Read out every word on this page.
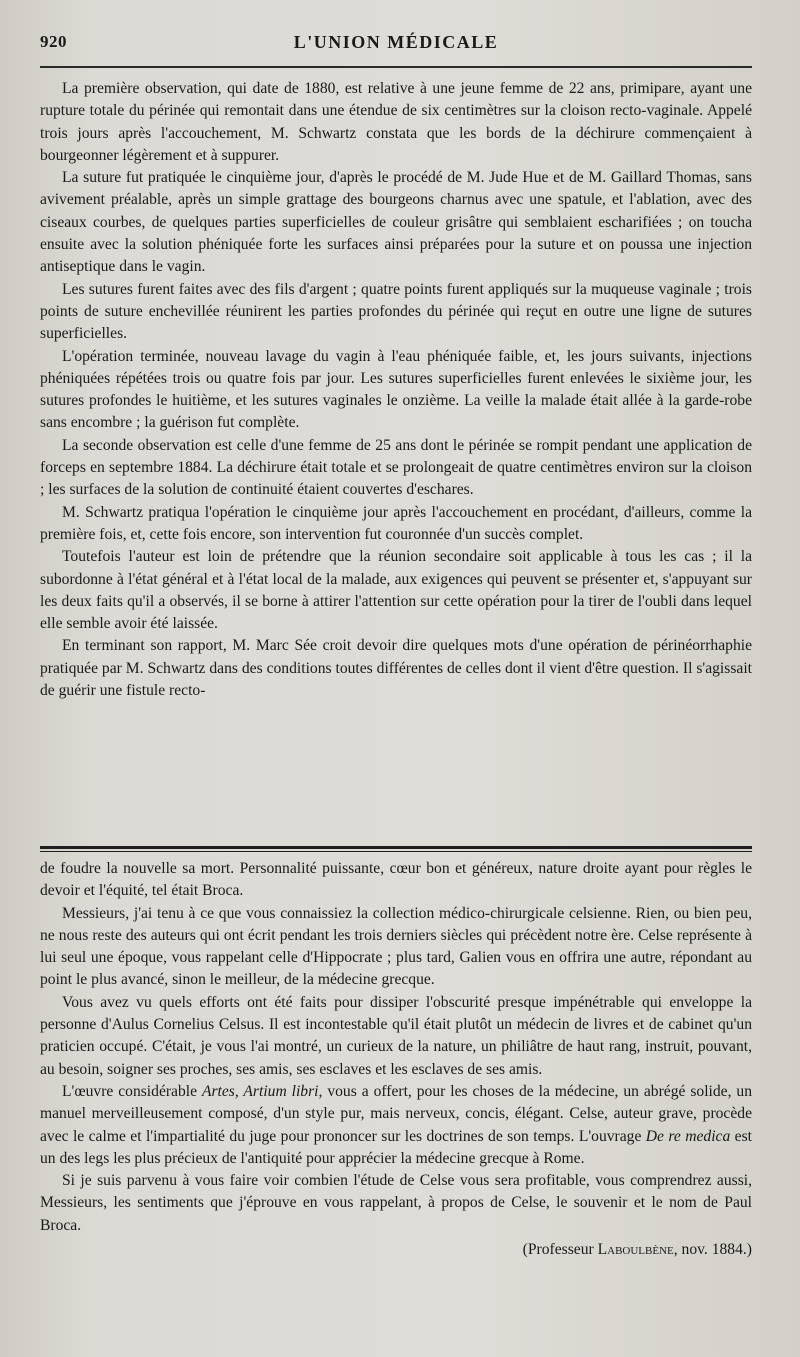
920	L'UNION MÉDICALE

La première observation, qui date de 1880, est relative à une jeune femme de 22 ans, primipare, ayant une rupture totale du périnée qui remontait dans une étendue de six centimètres sur la cloison recto-vaginale. Appelé trois jours après l'accouchement, M. Schwartz constata que les bords de la déchirure commençaient à bourgeonner légèrement et à suppurer.

La suture fut pratiquée le cinquième jour, d'après le procédé de M. Jude Hue et de M. Gaillard Thomas, sans avivement préalable, après un simple grattage des bourgeons charnus avec une spatule, et l'ablation, avec des ciseaux courbes, de quelques parties superficielles de couleur grisâtre qui semblaient escharifiées ; on toucha ensuite avec la solution phéniquée forte les surfaces ainsi préparées pour la suture et on poussa une injection antiseptique dans le vagin.

Les sutures furent faites avec des fils d'argent ; quatre points furent appliqués sur la muqueuse vaginale ; trois points de suture enchevillée réunirent les parties profondes du périnée qui reçut en outre une ligne de sutures superficielles.

L'opération terminée, nouveau lavage du vagin à l'eau phéniquée faible, et, les jours suivants, injections phéniquées répétées trois ou quatre fois par jour. Les sutures superficielles furent enlevées le sixième jour, les sutures profondes le huitième, et les sutures vaginales le onzième. La veille la malade était allée à la garde-robe sans encombre ; la guérison fut complète.

La seconde observation est celle d'une femme de 25 ans dont le périnée se rompit pendant une application de forceps en septembre 1884. La déchirure était totale et se prolongeait de quatre centimètres environ sur la cloison ; les surfaces de la solution de continuité étaient couvertes d'eschares.

M. Schwartz pratiqua l'opération le cinquième jour après l'accouchement en procédant, d'ailleurs, comme la première fois, et, cette fois encore, son intervention fut couronnée d'un succès complet.

Toutefois l'auteur est loin de prétendre que la réunion secondaire soit applicable à tous les cas ; il la subordonne à l'état général et à l'état local de la malade, aux exigences qui peuvent se présenter et, s'appuyant sur les deux faits qu'il a observés, il se borne à attirer l'attention sur cette opération pour la tirer de l'oubli dans lequel elle semble avoir été laissée.

En terminant son rapport, M. Marc Sée croit devoir dire quelques mots d'une opération de périnéorrhaphie pratiquée par M. Schwartz dans des conditions toutes différentes de celles dont il vient d'être question. Il s'agissait de guérir une fistule recto-

de foudre la nouvelle sa mort. Personnalité puissante, cœur bon et généreux, nature droite ayant pour règles le devoir et l'équité, tel était Broca.

Messieurs, j'ai tenu à ce que vous connaissiez la collection médico-chirurgicale celsienne. Rien, ou bien peu, ne nous reste des auteurs qui ont écrit pendant les trois derniers siècles qui précèdent notre ère. Celse représente à lui seul une époque, vous rappelant celle d'Hippocrate ; plus tard, Galien vous en offrira une autre, répondant au point le plus avancé, sinon le meilleur, de la médecine grecque.

Vous avez vu quels efforts ont été faits pour dissiper l'obscurité presque impénétrable qui enveloppe la personne d'Aulus Cornelius Celsus. Il est incontestable qu'il était plutôt un médecin de livres et de cabinet qu'un praticien occupé. C'était, je vous l'ai montré, un curieux de la nature, un philiâtre de haut rang, instruit, pouvant, au besoin, soigner ses proches, ses amis, ses esclaves et les esclaves de ses amis.

L'œuvre considérable Artes, Artium libri, vous a offert, pour les choses de la médecine, un abrégé solide, un manuel merveilleusement composé, d'un style pur, mais nerveux, concis, élégant. Celse, auteur grave, procède avec le calme et l'impartialité du juge pour prononcer sur les doctrines de son temps. L'ouvrage De re medica est un des legs les plus précieux de l'antiquité pour apprécier la médecine grecque à Rome.

Si je suis parvenu à vous faire voir combien l'étude de Celse vous sera profitable, vous comprendrez aussi, Messieurs, les sentiments que j'éprouve en vous rappelant, à propos de Celse, le souvenir et le nom de Paul Broca.

(Professeur Laboulbène, nov. 1884.)
